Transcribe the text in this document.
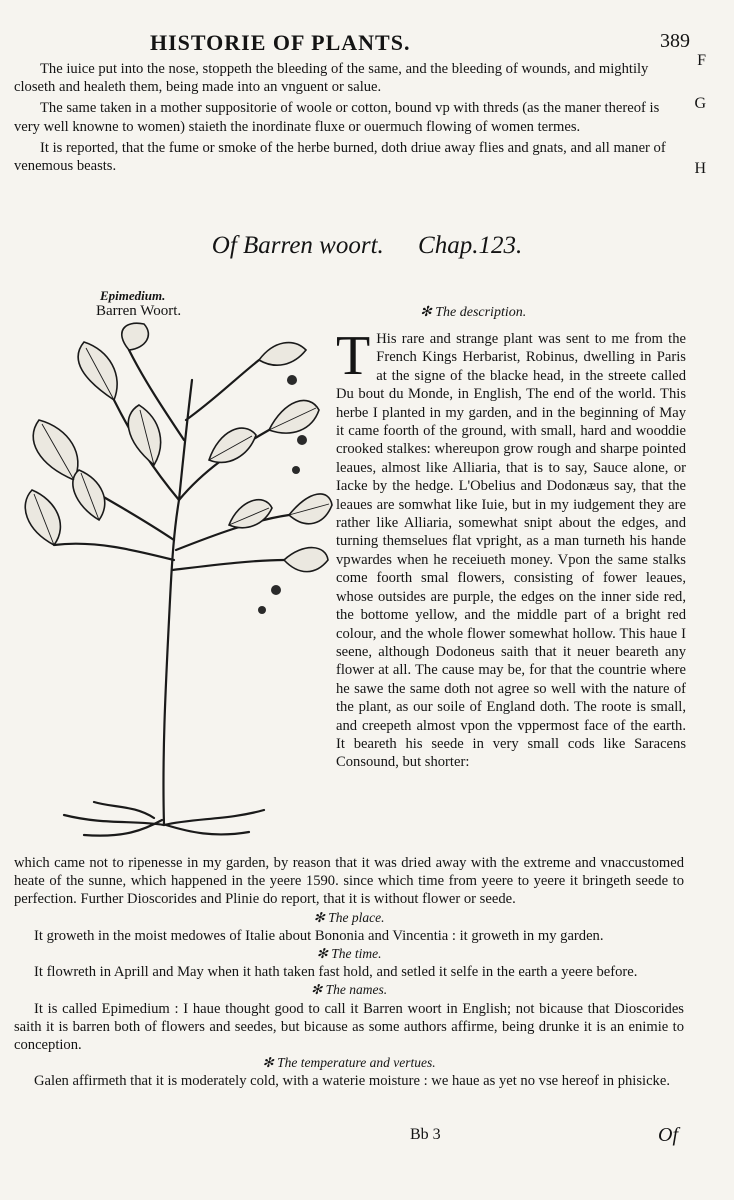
HISTORIE OF PLANTS.	389

The iuice put into the nose, stoppeth the bleeding of the same, and the bleeding of wounds, and mightily closeth and healeth them, being made into an vnguent or salue.

The same taken in a mother suppositorie of woole or cotton, bound vp with threds (as the maner thereof is very well knowne to women) staieth the inordinate fluxe or ouermuch flowing of women termes.

It is reported, that the fume or smoke of the herbe burned, doth driue away flies and gnats, and all maner of venemous beasts.

F
G
H
Of Barren woort. Chap.123.
Epimedium.
Barren Woort.	✻ The description.
T His rare and strange plant was sent to me from the French Kings Herbarist, Robinus, dwelling in Paris at the signe of the blacke head, in the streete called Du bout du Monde, in English, The end of the world. This herbe I planted in my garden, and in the beginning of May it came foorth of the ground, with small, hard and wooddie crooked stalkes: whereupon grow rough and sharpe pointed leaues, almost like Alliaria, that is to say, Sauce alone, or Iacke by the hedge. L'Obelius and Dodonæus say, that the leaues are somwhat like Iuie, but in my iudgement they are rather like Alliaria, somewhat snipt about the edges, and turning themselues flat vpright, as a man turneth his hande vpwardes when he receiueth money. Vpon the same stalks come foorth smal flowers, consisting of fower leaues, whose outsides are purple, the edges on the inner side red, the bottome yellow, and the middle part of a bright red colour, and the whole flower somewhat hollow. This haue I seene, although Dodoneus saith that it neuer beareth any flower at all. The cause may be, for that the countrie where he sawe the same doth not agree so well with the nature of the plant, as our soile of England doth. The roote is small, and creepeth almost vpon the vppermost face of the earth. It beareth his seede in very small cods like Saracens Consound, but shorter:

which came not to ripenesse in my garden, by reason that it was dried away with the extreme and vnaccustomed heate of the sunne, which happened in the yeere 1590. since which time from yeere to yeere it bringeth seede to perfection. Further Dioscorides and Plinie do report, that it is without flower or seede.

✻ The place.

It groweth in the moist medowes of Italie about Bononia and Vincentia : it groweth in my garden.

✻ The time.

It flowreth in Aprill and May when it hath taken fast hold, and setled it selfe in the earth a yeere before.

✻ The names.

It is called Epimedium : I haue thought good to call it Barren woort in English; not bicause that Dioscorides saith it is barren both of flowers and seedes, but bicause as some authors affirme, being drunke it is an enimie to conception.

✻ The temperature and vertues.

Galen affirmeth that it is moderately cold, with a waterie moisture : we haue as yet no vse hereof in phisicke.

Bb 3	Of
